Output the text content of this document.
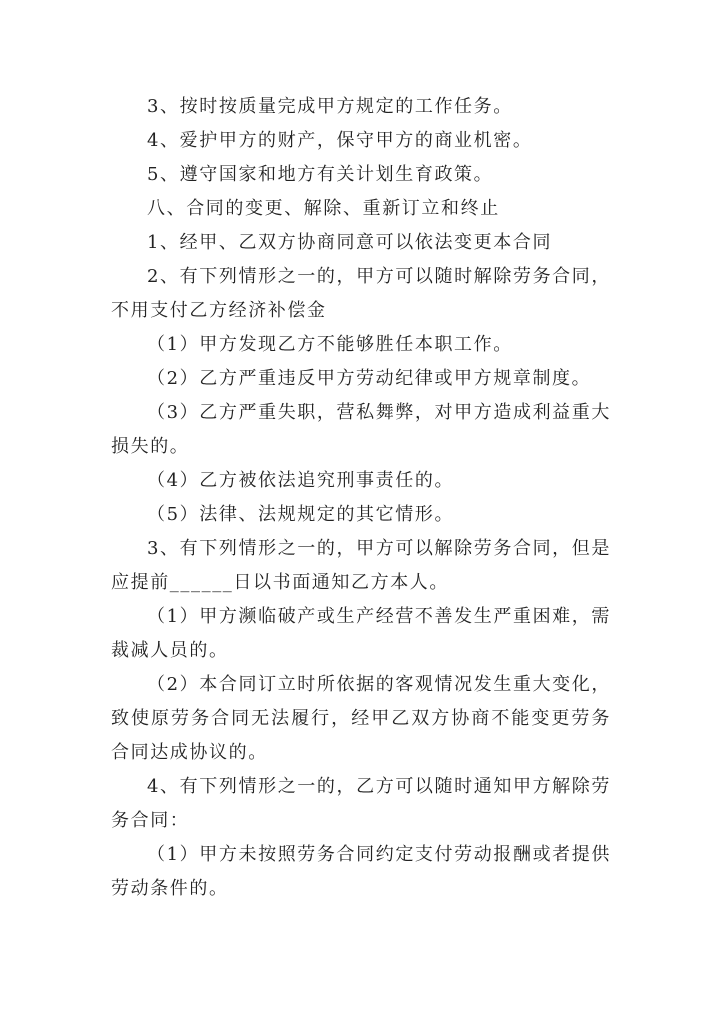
3、按时按质量完成甲方规定的工作任务。

4、爱护甲方的财产，保守甲方的商业机密。

5、遵守国家和地方有关计划生育政策。

八、合同的变更、解除、重新订立和终止

1、经甲、乙双方协商同意可以依法变更本合同

2、有下列情形之一的，甲方可以随时解除劳务合同，不用支付乙方经济补偿金

（1）甲方发现乙方不能够胜任本职工作。

（2）乙方严重违反甲方劳动纪律或甲方规章制度。

（3）乙方严重失职，营私舞弊，对甲方造成利益重大损失的。

（4）乙方被依法追究刑事责任的。

（5）法律、法规规定的其它情形。

3、有下列情形之一的，甲方可以解除劳务合同，但是应提前______日以书面通知乙方本人。

（1）甲方濒临破产或生产经营不善发生严重困难，需裁减人员的。

（2）本合同订立时所依据的客观情况发生重大变化，致使原劳务合同无法履行，经甲乙双方协商不能变更劳务合同达成协议的。

4、有下列情形之一的，乙方可以随时通知甲方解除劳务合同：

（1）甲方未按照劳务合同约定支付劳动报酬或者提供劳动条件的。
